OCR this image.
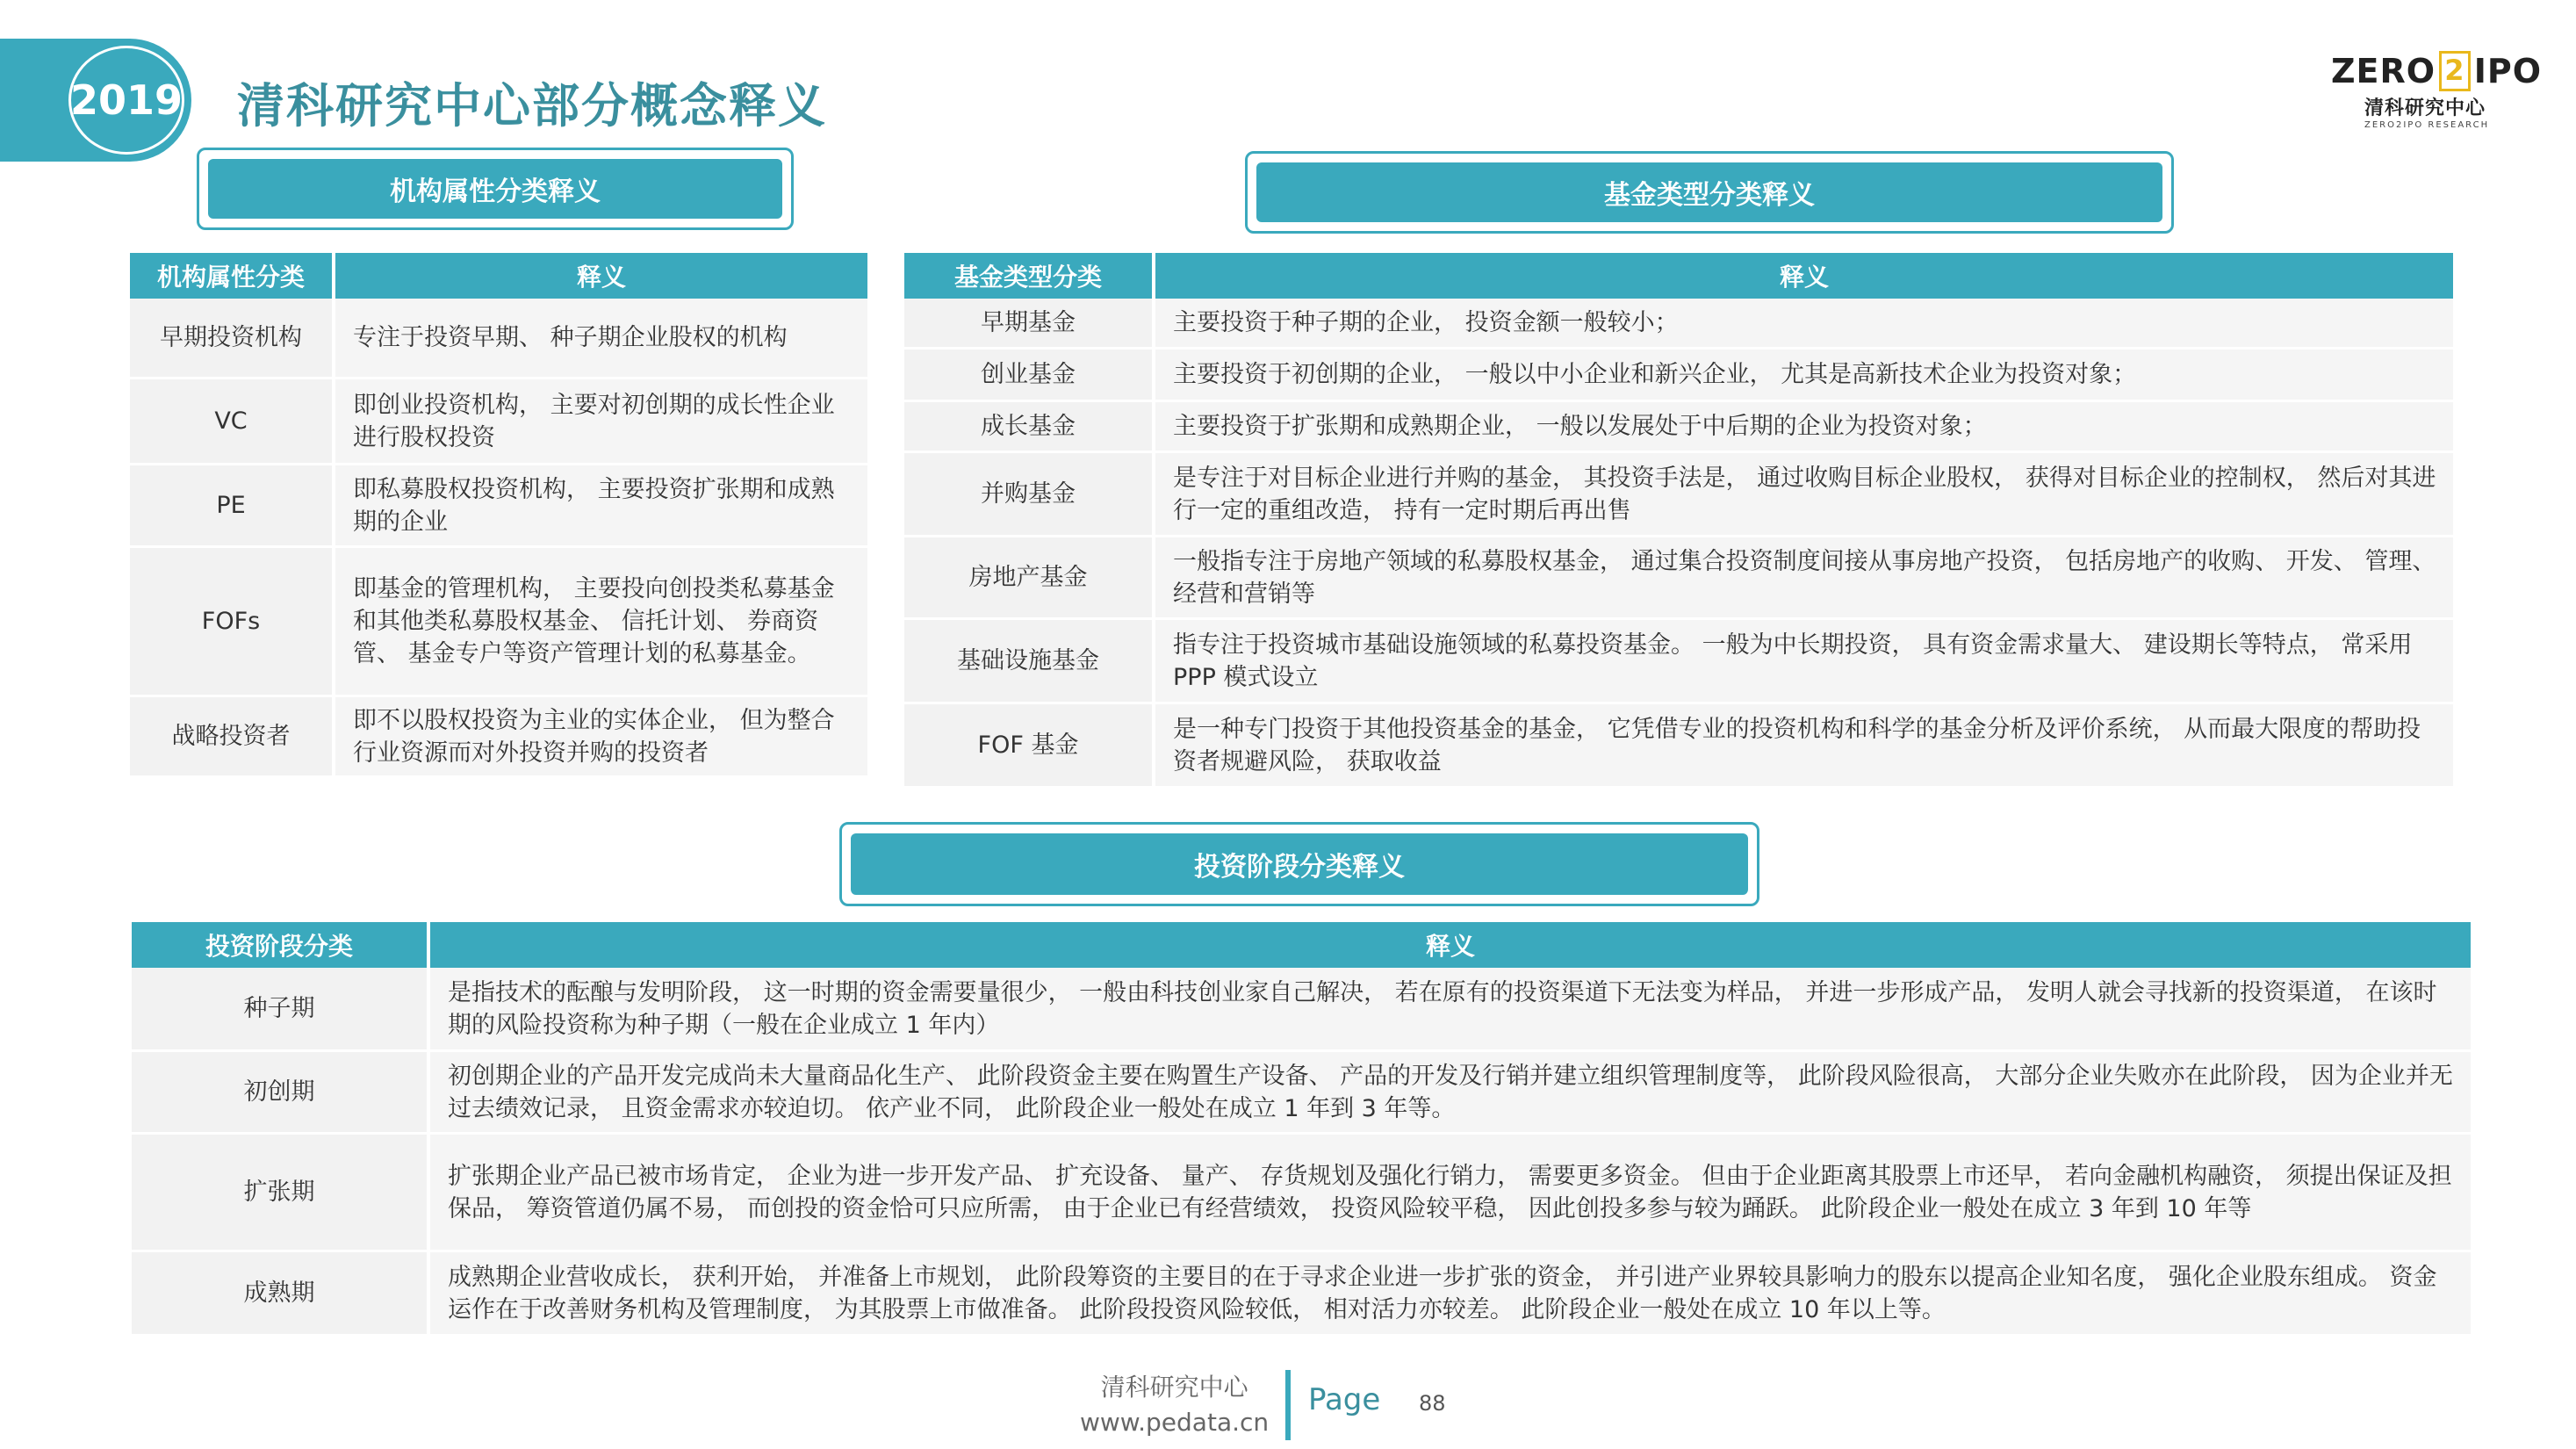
2019 清科研究中心部分概念释义
ZERO 2 IPO
清科研究中心
ZERO2IPO RESEARCH
机构属性分类释义
机构属性分类	释义
早期投资机构	专注于投资早期、 种子期企业股权的机构
VC	即创业投资机构， 主要对初创期的成长性企业进行股权投资
PE	即私募股权投资机构， 主要投资扩张期和成熟期的企业
FOFs	即基金的管理机构， 主要投向创投类私募基金和其他类私募股权基金、 信托计划、 券商资管、 基金专户等资产管理计划的私募基金。
战略投资者	即不以股权投资为主业的实体企业， 但为整合行业资源而对外投资并购的投资者
基金类型分类释义
基金类型分类	释义
早期基金	主要投资于种子期的企业， 投资金额一般较小；
创业基金	主要投资于初创期的企业， 一般以中小企业和新兴企业， 尤其是高新技术企业为投资对象；
成长基金	主要投资于扩张期和成熟期企业， 一般以发展处于中后期的企业为投资对象；
并购基金	是专注于对目标企业进行并购的基金， 其投资手法是， 通过收购目标企业股权， 获得对目标企业的控制权， 然后对其进行一定的重组改造， 持有一定时期后再出售
房地产基金	一般指专注于房地产领域的私募股权基金， 通过集合投资制度间接从事房地产投资， 包括房地产的收购、 开发、 管理、 经营和营销等
基础设施基金	指专注于投资城市基础设施领域的私募投资基金。 一般为中长期投资， 具有资金需求量大、 建设期长等特点， 常采用 PPP 模式设立
FOF 基金	是一种专门投资于其他投资基金的基金， 它凭借专业的投资机构和科学的基金分析及评价系统， 从而最大限度的帮助投资者规避风险， 获取收益
投资阶段分类释义
投资阶段分类	释义
种子期	是指技术的酝酿与发明阶段， 这一时期的资金需要量很少， 一般由科技创业家自己解决， 若在原有的投资渠道下无法变为样品， 并进一步形成产品， 发明人就会寻找新的投资渠道， 在该时期的风险投资称为种子期（一般在企业成立 1 年内）
初创期	初创期企业的产品开发完成尚未大量商品化生产、 此阶段资金主要在购置生产设备、 产品的开发及行销并建立组织管理制度等， 此阶段风险很高， 大部分企业失败亦在此阶段， 因为企业并无过去绩效记录， 且资金需求亦较迫切。 依产业不同， 此阶段企业一般处在成立 1 年到 3 年等。
扩张期	扩张期企业产品已被市场肯定， 企业为进一步开发产品、 扩充设备、 量产、 存货规划及强化行销力， 需要更多资金。 但由于企业距离其股票上市还早， 若向金融机构融资， 须提出保证及担保品， 筹资管道仍属不易， 而创投的资金恰可只应所需， 由于企业已有经营绩效， 投资风险较平稳， 因此创投多参与较为踊跃。 此阶段企业一般处在成立 3 年到 10 年等
成熟期	成熟期企业营收成长， 获利开始， 并准备上市规划， 此阶段筹资的主要目的在于寻求企业进一步扩张的资金， 并引进产业界较具影响力的股东以提高企业知名度， 强化企业股东组成。 资金运作在于改善财务机构及管理制度， 为其股票上市做准备。 此阶段投资风险较低， 相对活力亦较差。 此阶段企业一般处在成立 10 年以上等。
清科研究中心
www.pedata.cn
Page 88
